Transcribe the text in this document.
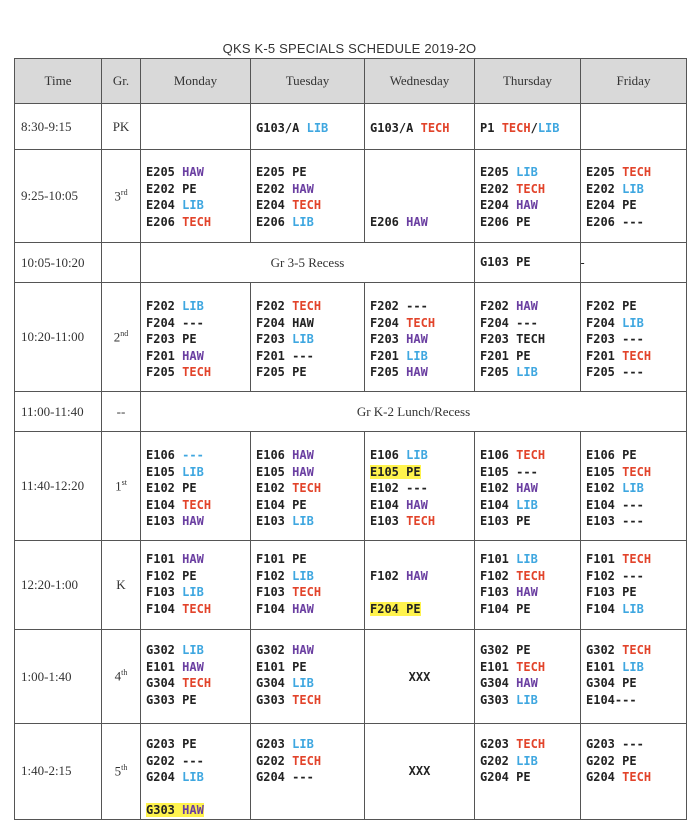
QKS K-5 SPECIALS SCHEDULE 2019-2O
Time	Gr.	Monday	Tuesday	Wednesday	Thursday	Friday
8:30-9:15	PK		G103/A LIB	G103/A TECH	P1 TECH/LIB	

9:25-10:05	3rd	E205 HAW
E202 PE
E204 LIB
E206 TECH	E205 PE
E202 HAW
E204 TECH
E206 LIB	E206 HAW	E205 LIB
E202 TECH
E204 HAW
E206 PE	E205 TECH
E202 LIB
E204 PE
E206 ---

10:05-10:20		Gr 3-5 Recess			G103 PE	-
10:20-11:00	2nd	F202 LIB
F204 ---
F203 PE
F201 HAW
F205 TECH	F202 TECH
F204 HAW
F203 LIB
F201 ---
F205 PE	F202 ---
F204 TECH
F203 HAW
F201 LIB
F205 HAW	F202 HAW
F204 ---
F203 TECH
F201 PE
F205 LIB	F202 PE
F204 LIB
F203 ---
F201 TECH
F205 ---

11:00-11:40	--	Gr K-2 Lunch/Recess				
11:40-12:20	1st	E106 ---
E105 LIB
E102 PE
E104 TECH
E103 HAW	E106 HAW
E105 HAW
E102 TECH
E104 PE
E103 LIB	E106 LIB
E105 PE
E102 ---
E104 HAW
E103 TECH	E106 TECH
E105 ---
E102 HAW
E104 LIB
E103 PE	E106 PE
E105 TECH
E102 LIB
E104 ---
E103 ---

12:20-1:00	K	F101 HAW
F102 PE
F103 LIB
F104 TECH	F101 PE
F102 LIB
F103 TECH
F104 HAW	F102 HAW
F204 PE	F101 LIB
F102 TECH
F103 HAW
F104 PE	F101 TECH
F102 ---
F103 PE
F104 LIB

1:00-1:40	4th	G302 LIB
E101 HAW
G304 TECH
G303 PE	G302 HAW
E101 PE
G304 LIB
G303 TECH	XXX	G302 PE
E101 TECH
G304 HAW
G303 LIB	G302 TECH
E101 LIB
G304 PE
E104---

1:40-2:15	5th	G203 PE
G202 ---
G204 LIB
G303 HAW	G203 LIB
G202 TECH
G204 ---	XXX	G203 TECH
G202 LIB
G204 PE	G203 ---
G202 PE
G204 TECH
